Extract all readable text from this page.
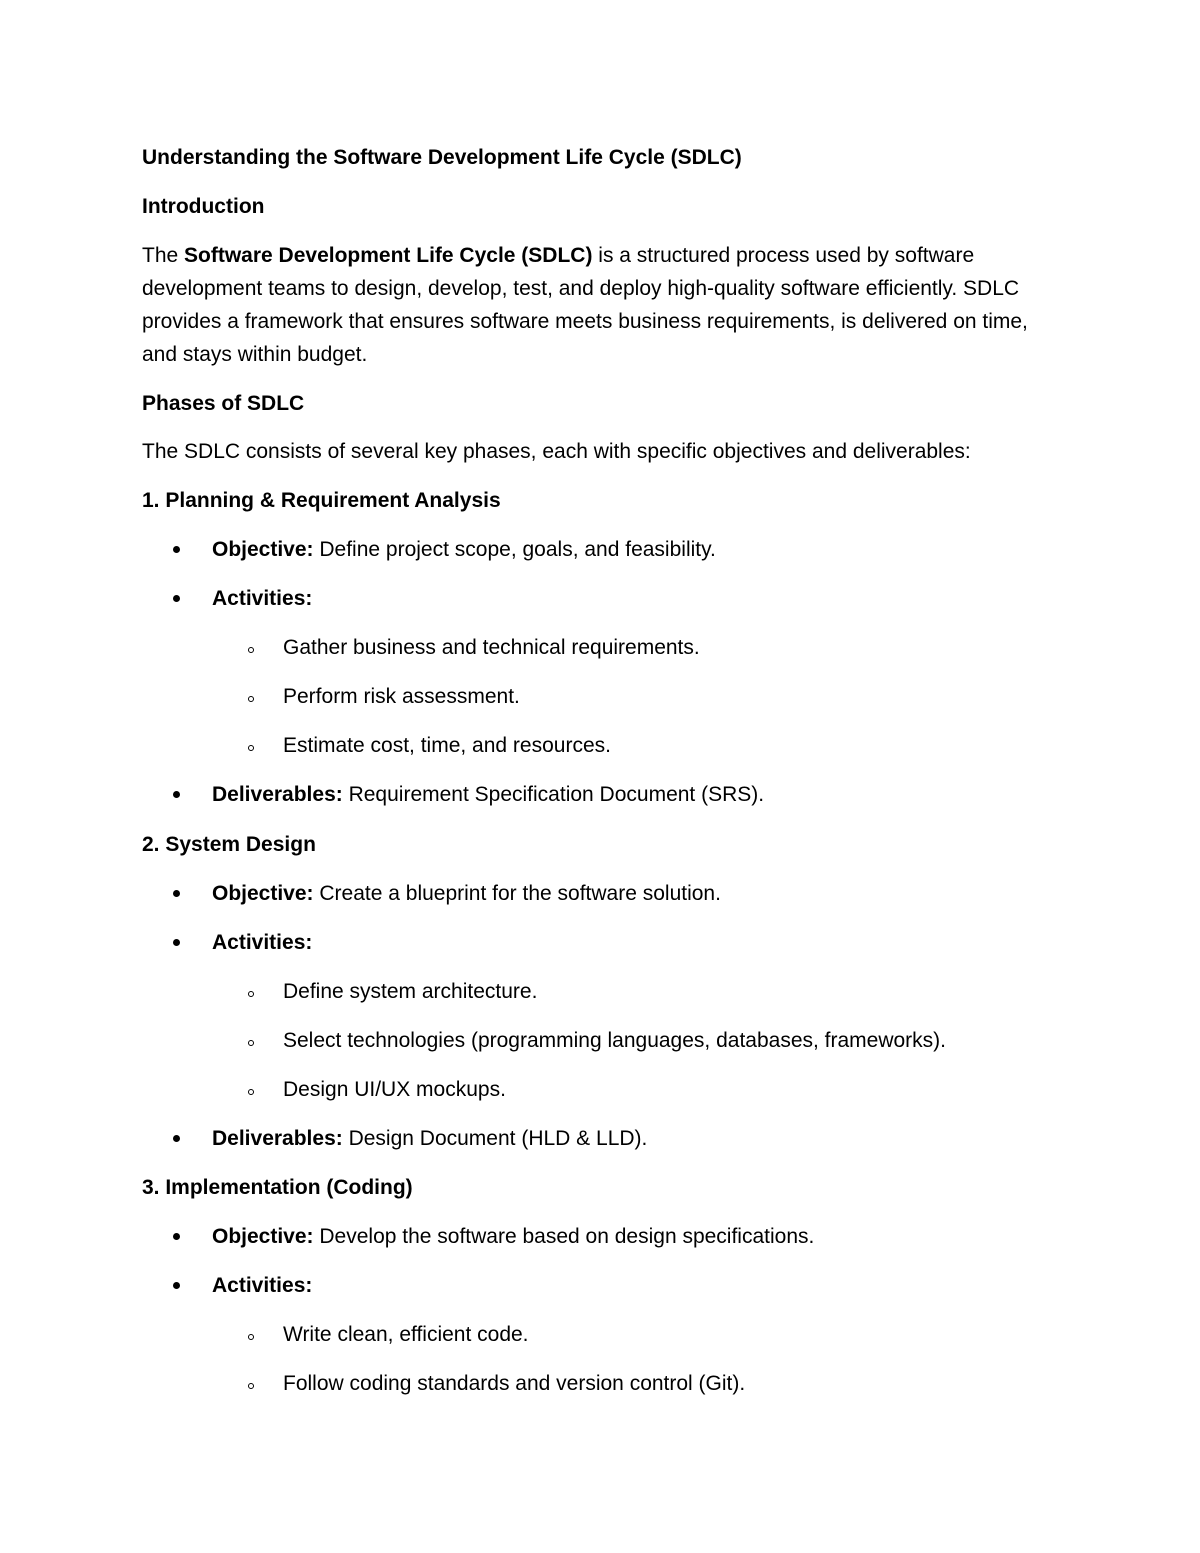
Understanding the Software Development Life Cycle (SDLC)
Introduction
The Software Development Life Cycle (SDLC) is a structured process used by software
development teams to design, develop, test, and deploy high-quality software efficiently. SDLC
provides a framework that ensures software meets business requirements, is delivered on time,
and stays within budget.
Phases of SDLC
The SDLC consists of several key phases, each with specific objectives and deliverables:
1. Planning & Requirement Analysis
Objective: Define project scope, goals, and feasibility.
Activities:
Gather business and technical requirements.
Perform risk assessment.
Estimate cost, time, and resources.
Deliverables: Requirement Specification Document (SRS).
2. System Design
Objective: Create a blueprint for the software solution.
Activities:
Define system architecture.
Select technologies (programming languages, databases, frameworks).
Design UI/UX mockups.
Deliverables: Design Document (HLD & LLD).
3. Implementation (Coding)
Objective: Develop the software based on design specifications.
Activities:
Write clean, efficient code.
Follow coding standards and version control (Git).
